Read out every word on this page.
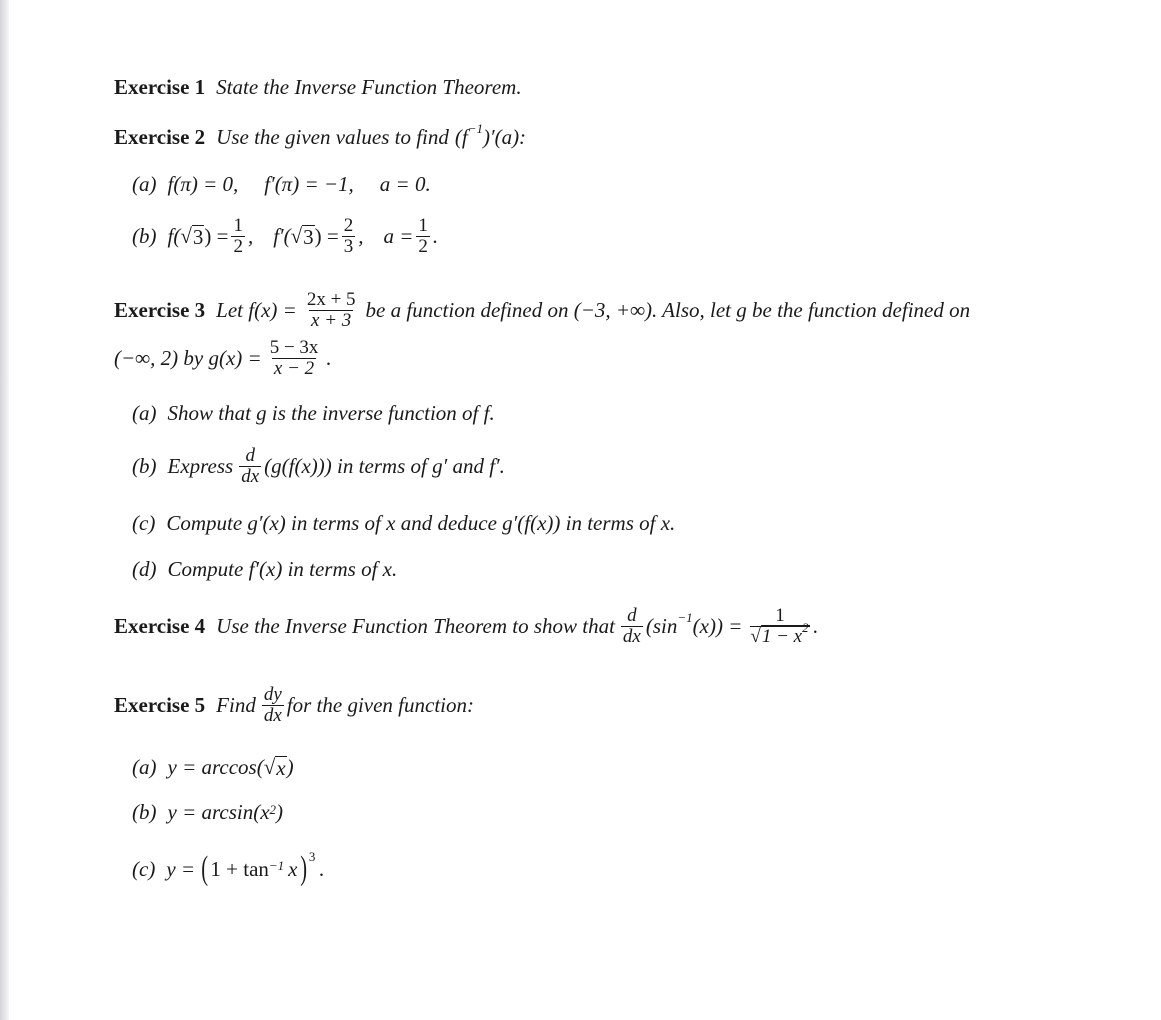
Exercise 1 State the Inverse Function Theorem.
Exercise 2 Use the given values to find $(f^{-1})'(a)$:
(a) f(π) = 0, f′(π) = −1, a = 0.
(b) f( √ 3 ) = $\frac{1}{2}$ , f′( √ 3 ) = $\frac{2}{3}$ , $a = \frac{1}{2}$ .
Exercise 3 Let $f(x) = \frac{2x + 5}{x + 3}$ be a function defined on (−3, +∞). Also, let g be the function defined on
(−∞, 2) by $g(x) = \frac{5 - 3x}{x - 2}$ .
(a) Show that g is the inverse function of f.
(b) Express $\frac{d}{dx} (g(f(x)))$ in terms of g′ and f′.
(c) Compute g′(x) in terms of x and deduce g′(f(x)) in terms of x.
(d) Compute f′(x) in terms of x.
Exercise 4 Use the Inverse Function Theorem to show that $\frac{d}{dx} (\sin^{-1}(x)) = \frac{1}{√1 - x^2}$ .
Exercise 5 Find $\frac{dy}{dx}$ for the given function:
(a) y = arccos( √ x )
(b) $y = \arcsin(x^2$ )
(c) y = ( $1 + \tan^{-1} x$ )$^3$ .
